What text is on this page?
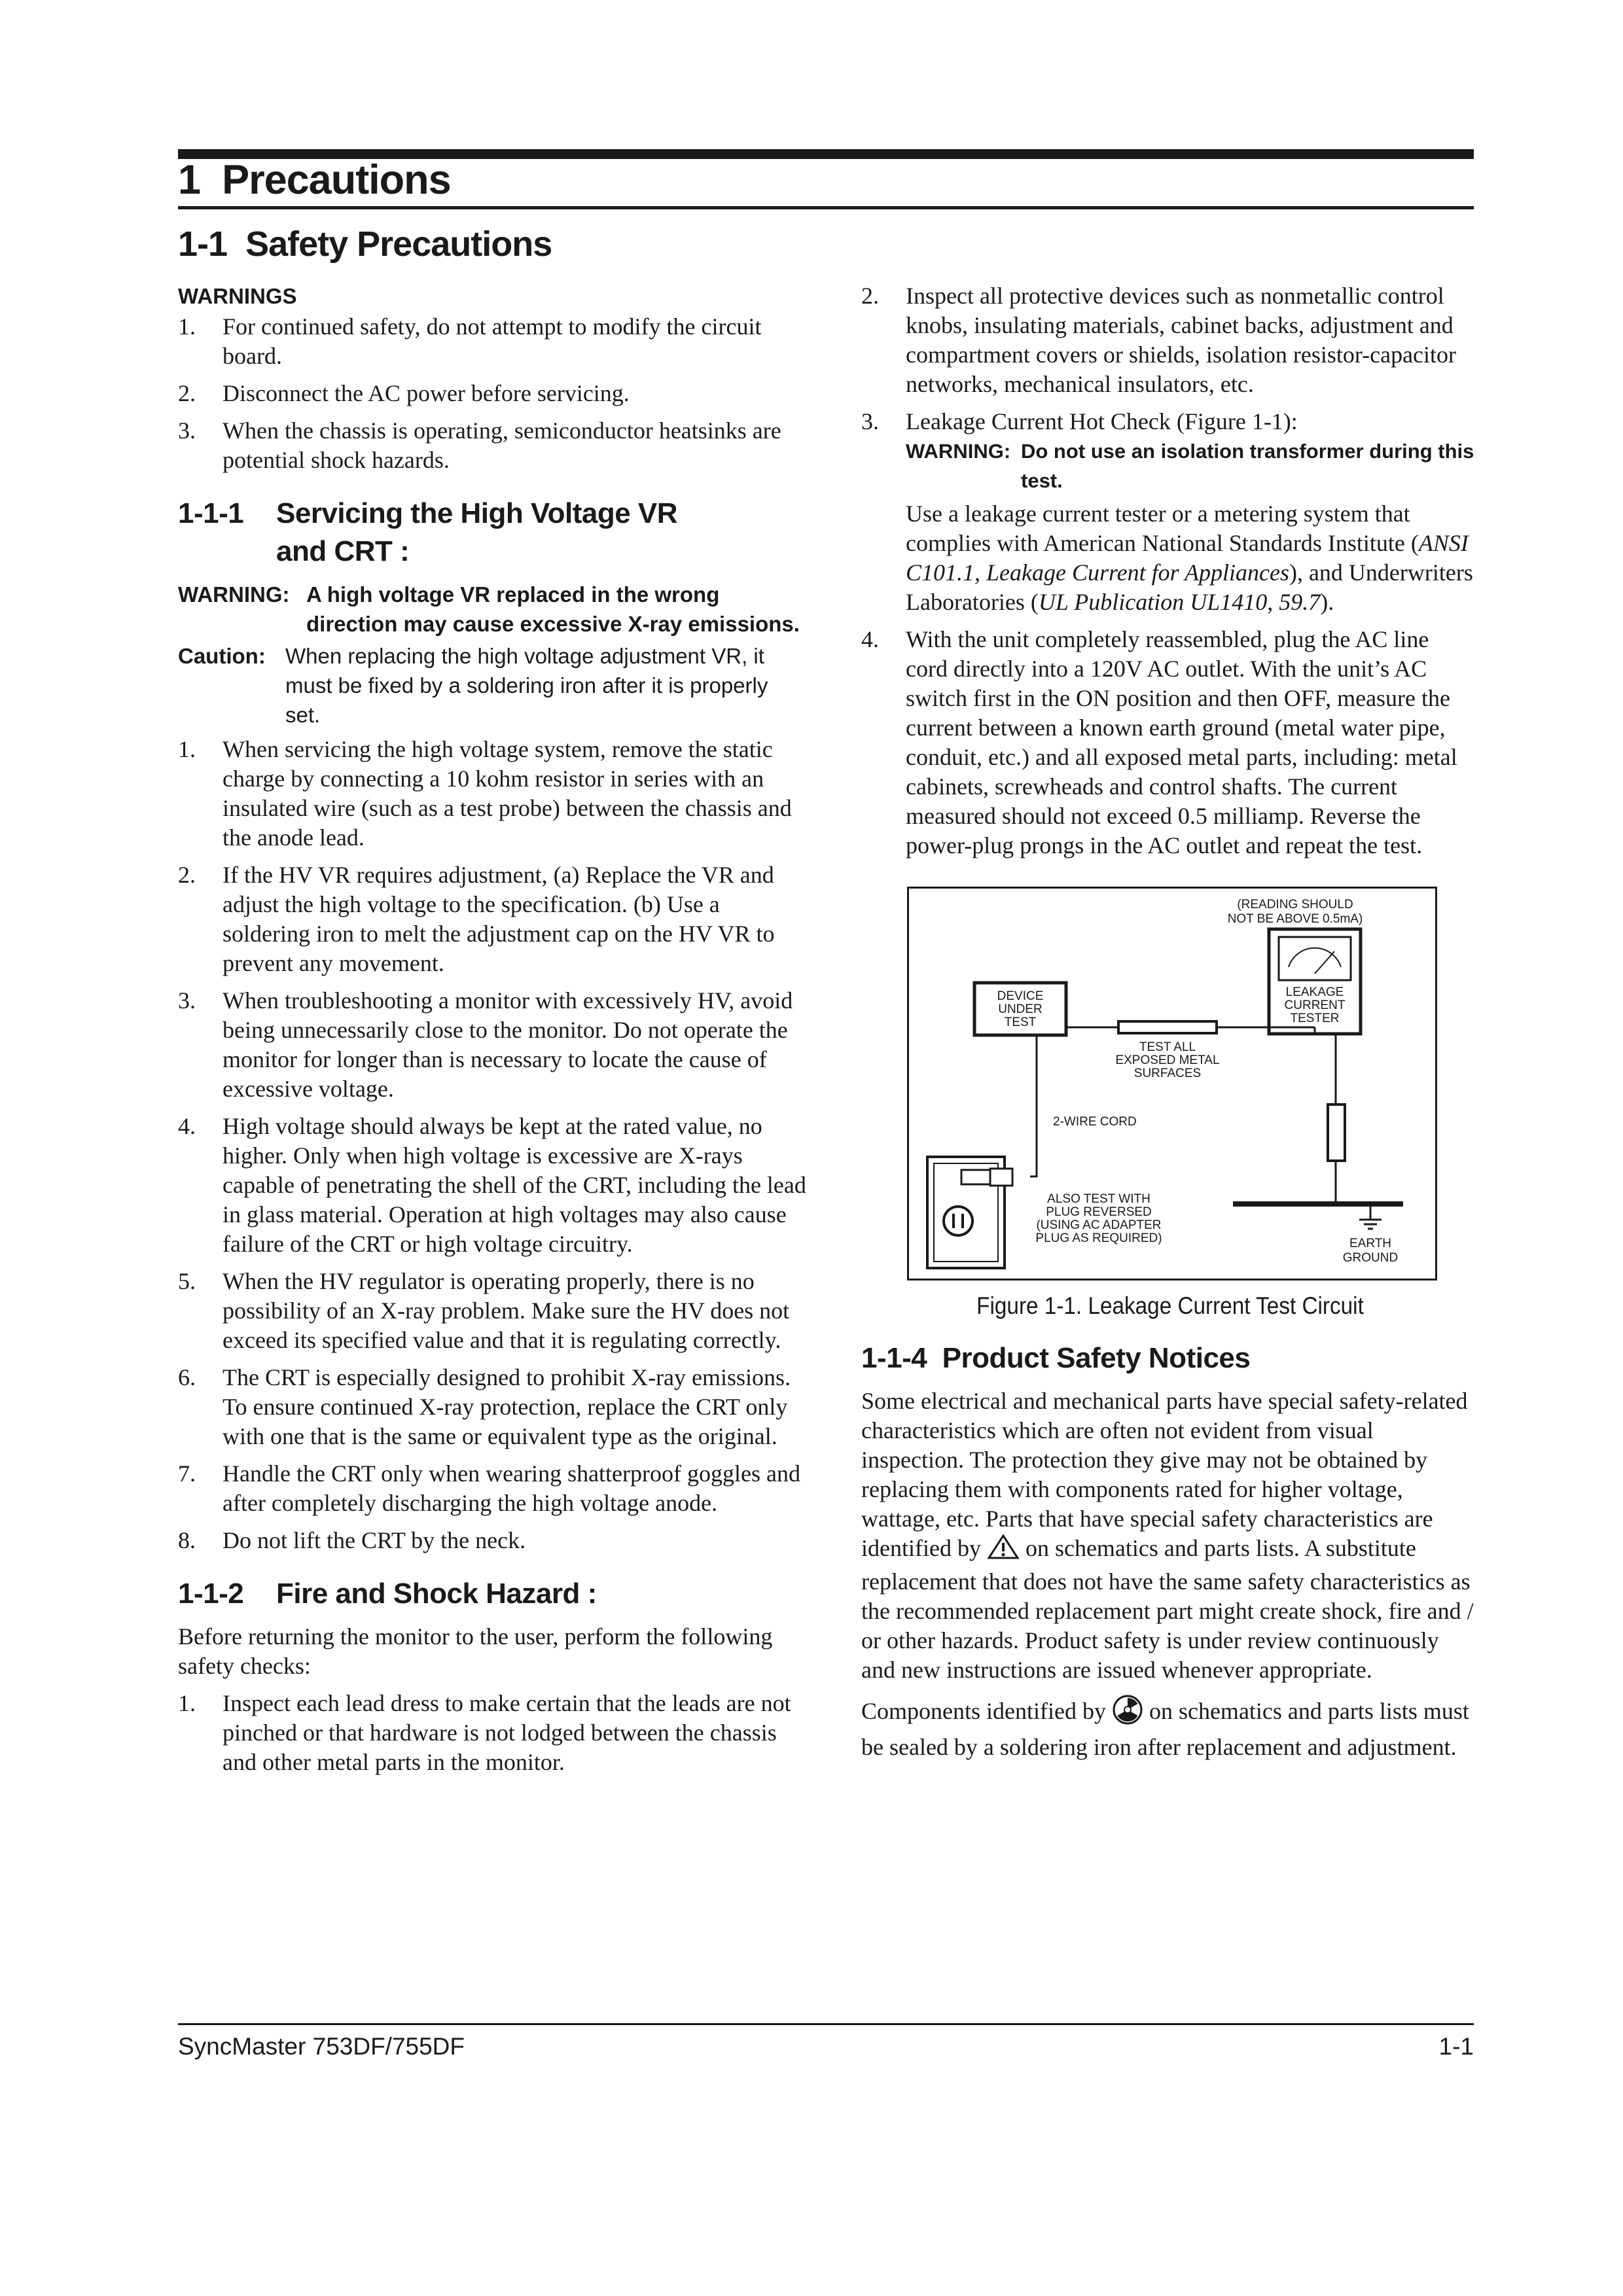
1 Precautions
1-1 Safety Precautions

WARNINGS

1. For continued safety, do not attempt to modify the circuit board.
2. Disconnect the AC power before servicing.
3. When the chassis is operating, semiconductor heatsinks are potential shock hazards.
1-1-1 Servicing the High Voltage VR
and CRT :
WARNING: A high voltage VR replaced in the wrong direction may cause excessive X-ray emissions.
Caution: When replacing the high voltage adjustment VR, it must be fixed by a soldering iron after it is properly set.
1. When servicing the high voltage system, remove the static charge by connecting a 10 kohm resistor in series with an insulated wire (such as a test probe) between the chassis and the anode lead.
2. If the HV VR requires adjustment, (a) Replace the VR and adjust the high voltage to the specification. (b) Use a soldering iron to melt the adjustment cap on the HV VR to prevent any movement.
3. When troubleshooting a monitor with excessively HV, avoid being unnecessarily close to the monitor. Do not operate the monitor for longer than is necessary to locate the cause of excessive voltage.
4. High voltage should always be kept at the rated value, no higher. Only when high voltage is excessive are X-rays capable of penetrating the shell of the CRT, including the lead in glass material. Operation at high voltages may also cause failure of the CRT or high voltage circuitry.
5. When the HV regulator is operating properly, there is no possibility of an X-ray problem. Make sure the HV does not exceed its specified value and that it is regulating correctly.
6. The CRT is especially designed to prohibit X-ray emissions. To ensure continued X-ray protection, replace the CRT only with one that is the same or equivalent type as the original.
7. Handle the CRT only when wearing shatterproof goggles and after completely discharging the high voltage anode.
8. Do not lift the CRT by the neck.
1-1-2 Fire and Shock Hazard :

Before returning the monitor to the user, perform the following safety checks:

1. Inspect each lead dress to make certain that the leads are not pinched or that hardware is not lodged between the chassis and other metal parts in the monitor.
2. Inspect all protective devices such as nonmetallic control knobs, insulating materials, cabinet backs, adjustment and compartment covers or shields, isolation resistor-capacitor networks, mechanical insulators, etc.
3. Leakage Current Hot Check (Figure 1-1):
WARNING: Do not use an isolation transformer during this test.

Use a leakage current tester or a metering system that complies with American National Standards Institute (ANSI C101.1, Leakage Current for Appliances), and Underwriters Laboratories (UL Publication UL1410, 59.7).

4. With the unit completely reassembled, plug the AC line cord directly into a 120V AC outlet. With the unit’s AC switch first in the ON position and then OFF, measure the current between a known earth ground (metal water pipe, conduit, etc.) and all exposed metal parts, including: metal cabinets, screwheads and control shafts. The current measured should not exceed 0.5 milliamp. Reverse the power-plug prongs in the AC outlet and repeat the test.
(READING SHOULD
NOT BE ABOVE 0.5mA)
LEAKAGE
CURRENT
TESTER
DEVICE
UNDER
TEST
TEST ALL
EXPOSED METAL
SURFACES
EARTH
GROUND
2-WIRE CORD
ALSO TEST WITH
PLUG REVERSED
(USING AC ADAPTER
PLUG AS REQUIRED)

Figure 1-1. Leakage Current Test Circuit

1-1-4 Product Safety Notices

Some electrical and mechanical parts have special safety-related characteristics which are often not evident from visual inspection. The protection they give may not be obtained by replacing them with components rated for higher voltage, wattage, etc. Parts that have special safety characteristics are identified by on schematics and parts lists. A substitute replacement that does not have the same safety characteristics as the recommended replacement part might create shock, fire and / or other hazards. Product safety is under review continuously and new instructions are issued whenever appropriate.

Components identified by on schematics and parts lists must be sealed by a soldering iron after replacement and adjustment.

SyncMaster 753DF/755DF	1-1
